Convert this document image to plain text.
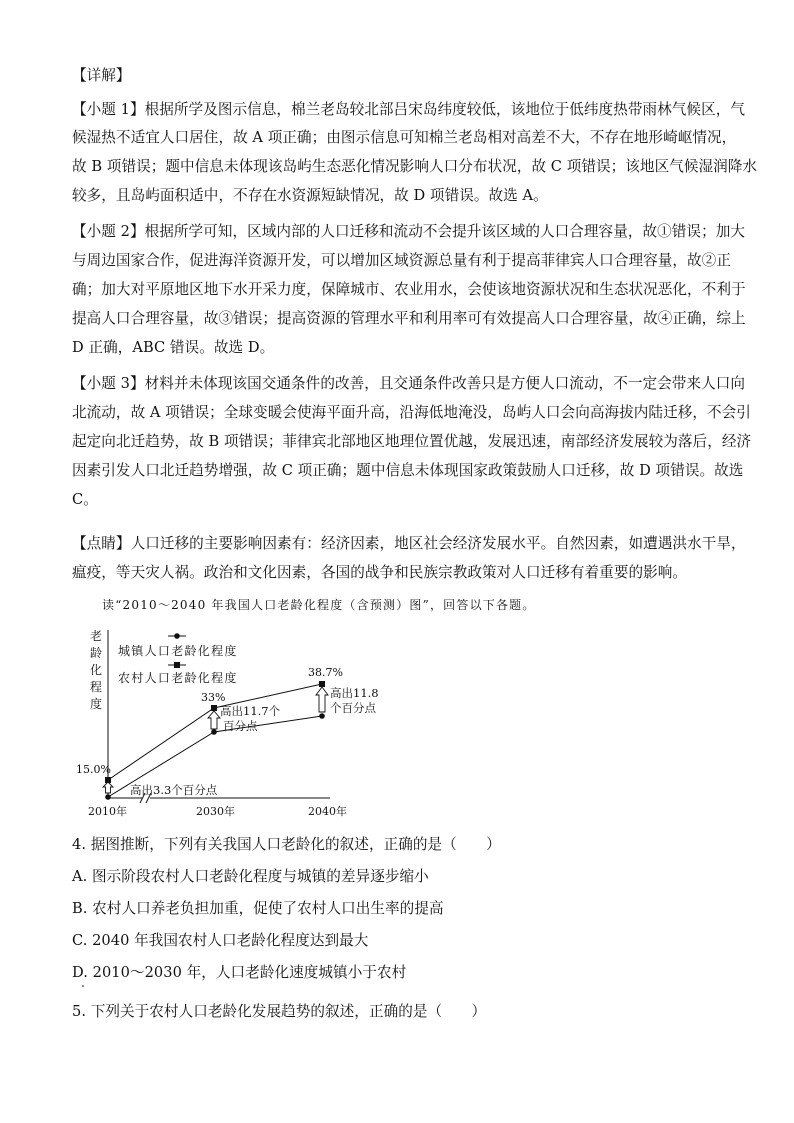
【详解】
【小题 1】根据所学及图示信息，棉兰老岛较北部吕宋岛纬度较低，该地位于低纬度热带雨林气候区，气
候湿热不适宜人口居住，故 A 项正确；由图示信息可知棉兰老岛相对高差不大，不存在地形崎岖情况，
故 B 项错误；题中信息未体现该岛屿生态恶化情况影响人口分布状况，故 C 项错误；该地区气候湿润降水
较多，且岛屿面积适中，不存在水资源短缺情况，故 D 项错误。故选 A。
【小题 2】根据所学可知，区域内部的人口迁移和流动不会提升该区域的人口合理容量，故①错误；加大
与周边国家合作，促进海洋资源开发，可以增加区域资源总量有利于提高菲律宾人口合理容量，故②正
确；加大对平原地区地下水开采力度，保障城市、农业用水，会使该地资源状况和生态状况恶化，不利于
提高人口合理容量，故③错误；提高资源的管理水平和利用率可有效提高人口合理容量，故④正确，综上
D 正确，ABC 错误。故选 D。
【小题 3】材料并未体现该国交通条件的改善，且交通条件改善只是方便人口流动，不一定会带来人口向
北流动，故 A 项错误；全球变暖会使海平面升高，沿海低地淹没，岛屿人口会向高海拔内陆迁移，不会引
起定向北迁趋势，故 B 项错误；菲律宾北部地区地理位置优越，发展迅速，南部经济发展较为落后，经济
因素引发人口北迁趋势增强，故 C 项正确；题中信息未体现国家政策鼓励人口迁移，故 D 项错误。故选
C。
【点睛】人口迁移的主要影响因素有：经济因素，地区社会经济发展水平。自然因素，如遭遇洪水干旱，
瘟疫，等天灾人祸。政治和文化因素，各国的战争和民族宗教政策对人口迁移有着重要的影响。
读“2010～2040 年我国人口老龄化程度（含预测）图”，回答以下各题。
老
龄
化
程
度
城镇人口老龄化程度
农村人口老龄化程度
15.0%
33%
38.7%
高出11.7个
百分点
高出11.8
个百分点
高出3.3个百分点
2010年	2030年	2040年
4. 据图推断，下列有关我国人口老龄化的叙述，正确的是（　　）
A. 图示阶段农村人口老龄化程度与城镇的差异逐步缩小
B. 农村人口养老负担加重，促使了农村人口出生率的提高
C. 2040 年我国农村人口老龄化程度达到最大
D. 2010～2030 年，人口老龄化速度城镇小于农村
5. 下列关于农村人口老龄化发展趋势的叙述，正确的是（　　）
